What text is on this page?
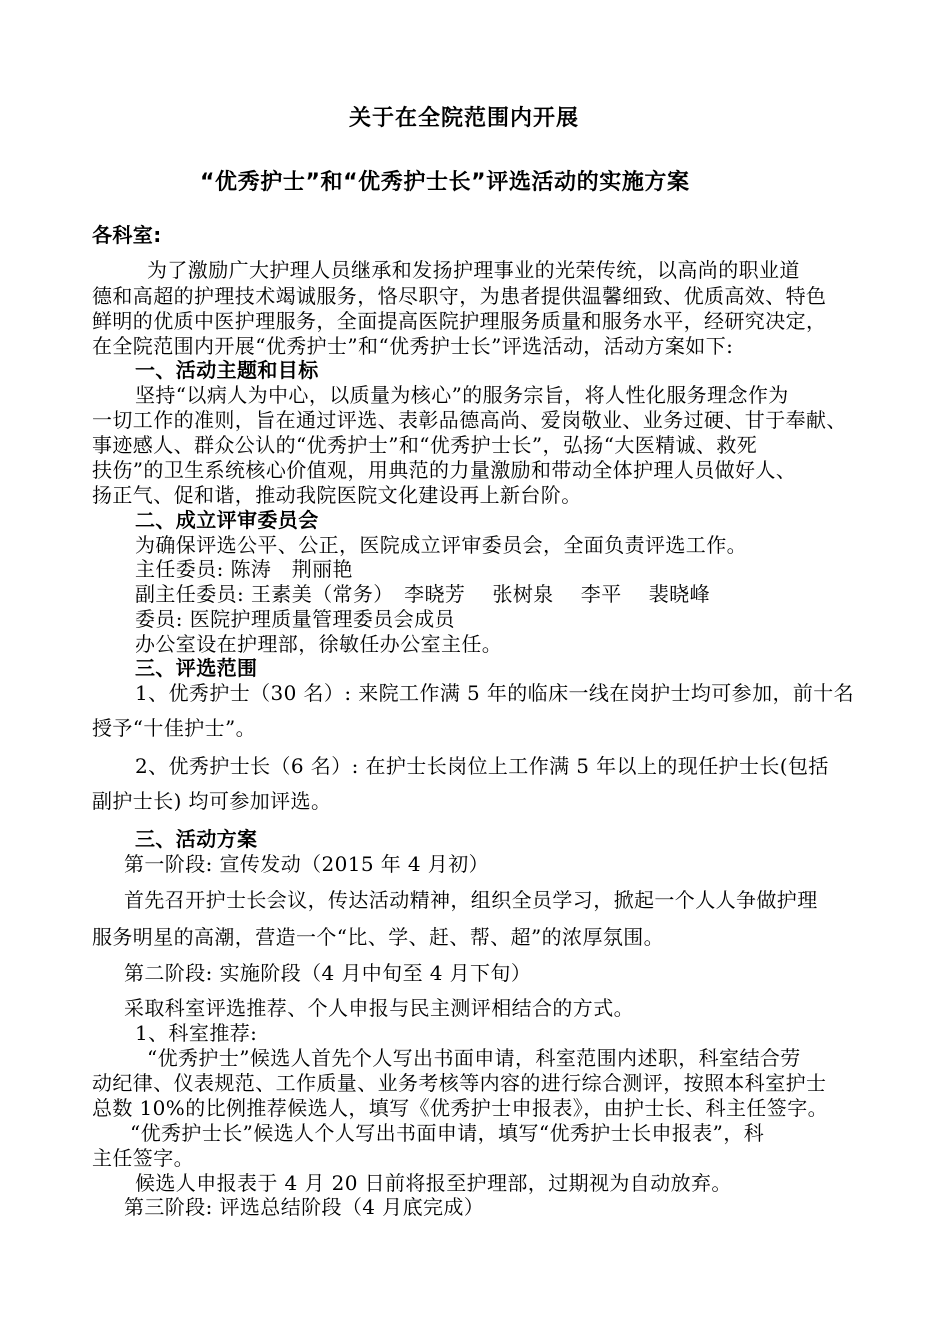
关于在全院范围内开展
“优秀护士”和“优秀护士长”评选活动的实施方案
各科室:
为了激励广大护理人员继承和发扬护理事业的光荣传统，以高尚的职业道
德和高超的护理技术竭诚服务，恪尽职守，为患者提供温馨细致、优质高效、特色
鲜明的优质中医护理服务，全面提高医院护理服务质量和服务水平，经研究决定，
在全院范围内开展“优秀护士”和“优秀护士长”评选活动，活动方案如下:
一、活动主题和目标
坚持“以病人为中心，以质量为核心”的服务宗旨，将人性化服务理念作为
一切工作的准则，旨在通过评选、表彰品德高尚、爱岗敬业、业务过硬、甘于奉献、
事迹感人、群众公认的“优秀护士”和“优秀护士长”，弘扬“大医精诚、救死
扶伤”的卫生系统核心价值观，用典范的力量激励和带动全体护理人员做好人、
扬正气、促和谐，推动我院医院文化建设再上新台阶。
二、成立评审委员会
为确保评选公平、公正，医院成立评审委员会，全面负责评选工作。
主任委员: 陈涛　荆丽艳
副主任委员: 王素美（常务）　李晓芳　 张树泉 　李平 　裴晓峰
委员: 医院护理质量管理委员会成员
办公室设在护理部，徐敏任办公室主任。
三、评选范围
1、优秀护士（30 名）: 来院工作满 5 年的临床一线在岗护士均可参加，前十名
授予“十佳护士”。
2、优秀护士长（6 名）: 在护士长岗位上工作满 5 年以上的现任护士长(包括
副护士长) 均可参加评选。
三、活动方案
第一阶段: 宣传发动（2015 年 4 月初）
首先召开护士长会议，传达活动精神，组织全员学习，掀起一个人人争做护理
服务明星的高潮，营造一个“比、学、赶、帮、超”的浓厚氛围。
第二阶段: 实施阶段（4 月中旬至 4 月下旬）
采取科室评选推荐、个人申报与民主测评相结合的方式。
1、科室推荐:
“优秀护士”候选人首先个人写出书面申请，科室范围内述职，科室结合劳
动纪律、仪表规范、工作质量、业务考核等内容的进行综合测评，按照本科室护士
总数 10%的比例推荐候选人，填写《优秀护士申报表》，由护士长、科主任签字。
“优秀护士长”候选人个人写出书面申请，填写“优秀护士长申报表”，科
主任签字。
候选人申报表于 4 月 20 日前将报至护理部，过期视为自动放弃。
第三阶段: 评选总结阶段（4 月底完成）
